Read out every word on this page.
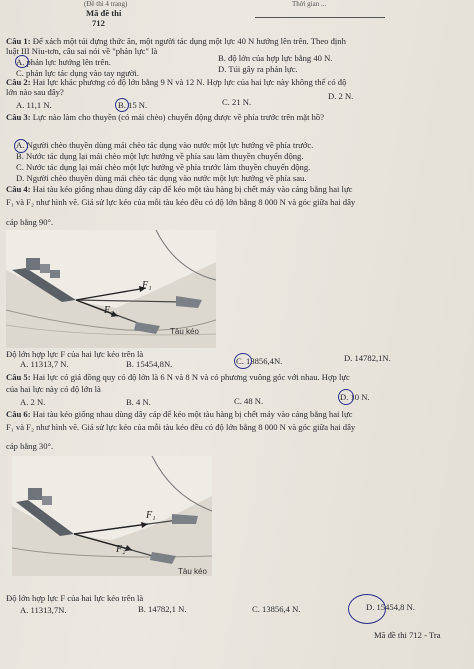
(Đề thi 4 trang)	Thời gian ...
Mã đề thi
712
Câu 1: Để xách một túi đựng thức ăn, một người tác dụng một lực 40 N hướng lên trên. Theo định
luật III Niu-tơn, câu sai nói về "phản lực" là
A. phản lực hướng lên trên.	B. độ lớn của hợp lực bằng 40 N.
C. phản lực tác dụng vào tay người.	D. Túi gây ra phản lực.
Câu 2: Hai lực khác phương có độ lớn bằng 9 N và 12 N. Hợp lực của hai lực này không thể có độ
lớn nào sau đây?
A. 11,1 N.	B. 15 N.	C. 21 N.
D. 2 N.
Câu 3: Lực nào làm cho thuyền (có mái chèo) chuyển động được về phía trước trên mặt hồ?
A. Người chèo thuyền dùng mái chèo tác dụng vào nước một lực hướng về phía trước.
B. Nước tác dụng lại mái chèo một lực hướng về phía sau làm thuyền chuyển động.
C. Nước tác dụng lại mái chèo một lực hướng về phía trước làm thuyền chuyển động.
D. Người chèo thuyền dùng mái chèo tác dụng vào nước một lực hướng về phía sau.
Câu 4: Hai tàu kéo giống nhau dùng dây cáp để kéo một tàu hàng bị chết máy vào cảng bằng hai lực
F₁ và F₂ như hình vẽ. Giả sử lực kéo của mỗi tàu kéo đều có độ lớn bằng 8 000 N và góc giữa hai dây
cáp bằng 90°.
F₁
F₂
Tàu kéo
Độ lớn hợp lực F của hai lực kéo trên là
A. 11313,7 N.	B. 15454,8N.	C. 13856,4N.	D. 14782,1N.
Câu 5: Hai lực có giá đồng quy có độ lớn là 6 N và 8 N và có phương vuông góc với nhau. Hợp lực
của hai lực này có độ lớn là
A. 2 N.	B. 4 N.	C. 48 N.	D. 10 N.
Câu 6: Hai tàu kéo giống nhau dùng dây cáp để kéo một tàu hàng bị chết máy vào cảng bằng hai lực
F₁ và F₂ như hình vẽ. Giả sử lực kéo của mỗi tàu kéo đều có độ lớn bằng 8 000 N và góc giữa hai dây
cáp bằng 30°.
F₁
F₂
Tàu kéo
Độ lớn hợp lực F của hai lực kéo trên là
A. 11313,7N.	B. 14782,1 N.	C. 13856,4 N.	D. 15454,8 N.
Mã đề thi 712 - Tra
